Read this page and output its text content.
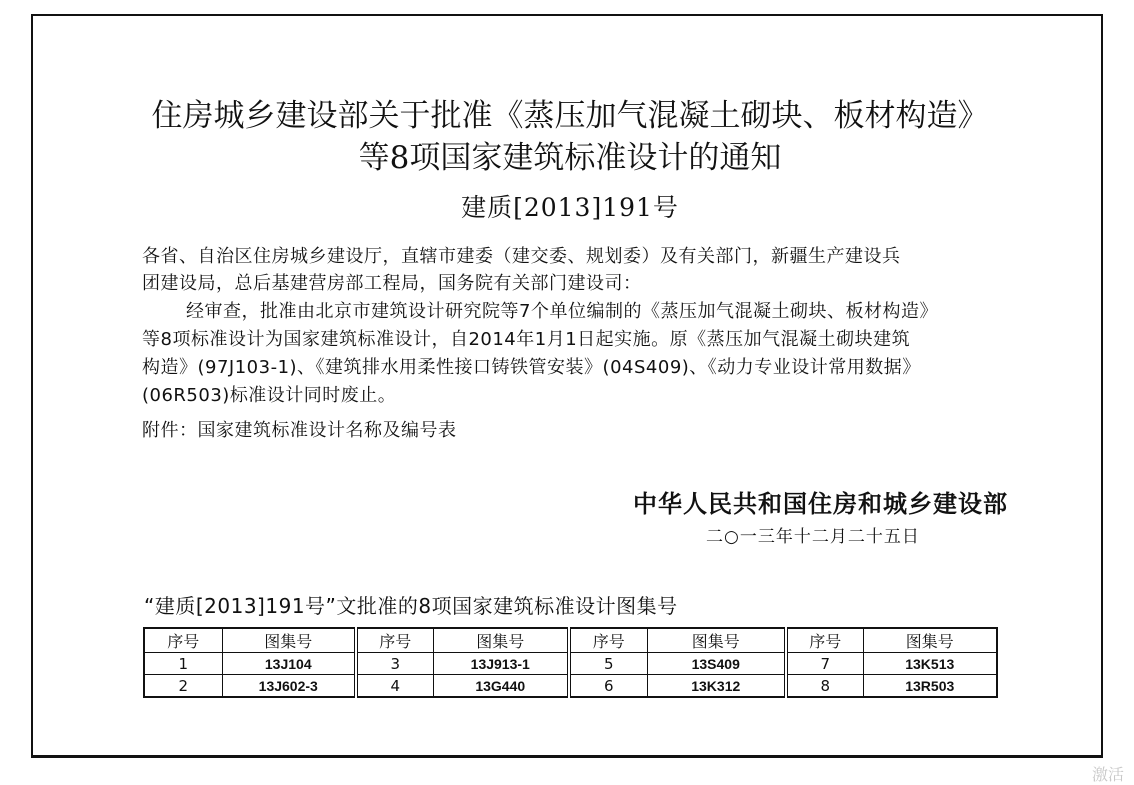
住房城乡建设部关于批准《蒸压加气混凝土砌块、板材构造》
等8项国家建筑标准设计的通知
建质[2013]191号
各省、自治区住房城乡建设厅，直辖市建委（建交委、规划委）及有关部门，新疆生产建设兵
团建设局，总后基建营房部工程局，国务院有关部门建设司：
经审查，批准由北京市建筑设计研究院等7个单位编制的《蒸压加气混凝土砌块、板材构造》
等8项标准设计为国家建筑标准设计，自2014年1月1日起实施。原《蒸压加气混凝土砌块建筑
构造》(97J103-1)、《建筑排水用柔性接口铸铁管安装》(04S409)、《动力专业设计常用数据》
(06R503)标准设计同时废止。
附件：国家建筑标准设计名称及编号表
中华人民共和国住房和城乡建设部
二○一三年十二月二十五日
“建质[2013]191号”文批准的8项国家建筑标准设计图集号
序号	图集号	序号	图集号	序号	图集号	序号	图集号
1	13J104	3	13J913-1	5	13S409	7	13K513
2	13J602-3	4	13G440	6	13K312	8	13R503
激活
